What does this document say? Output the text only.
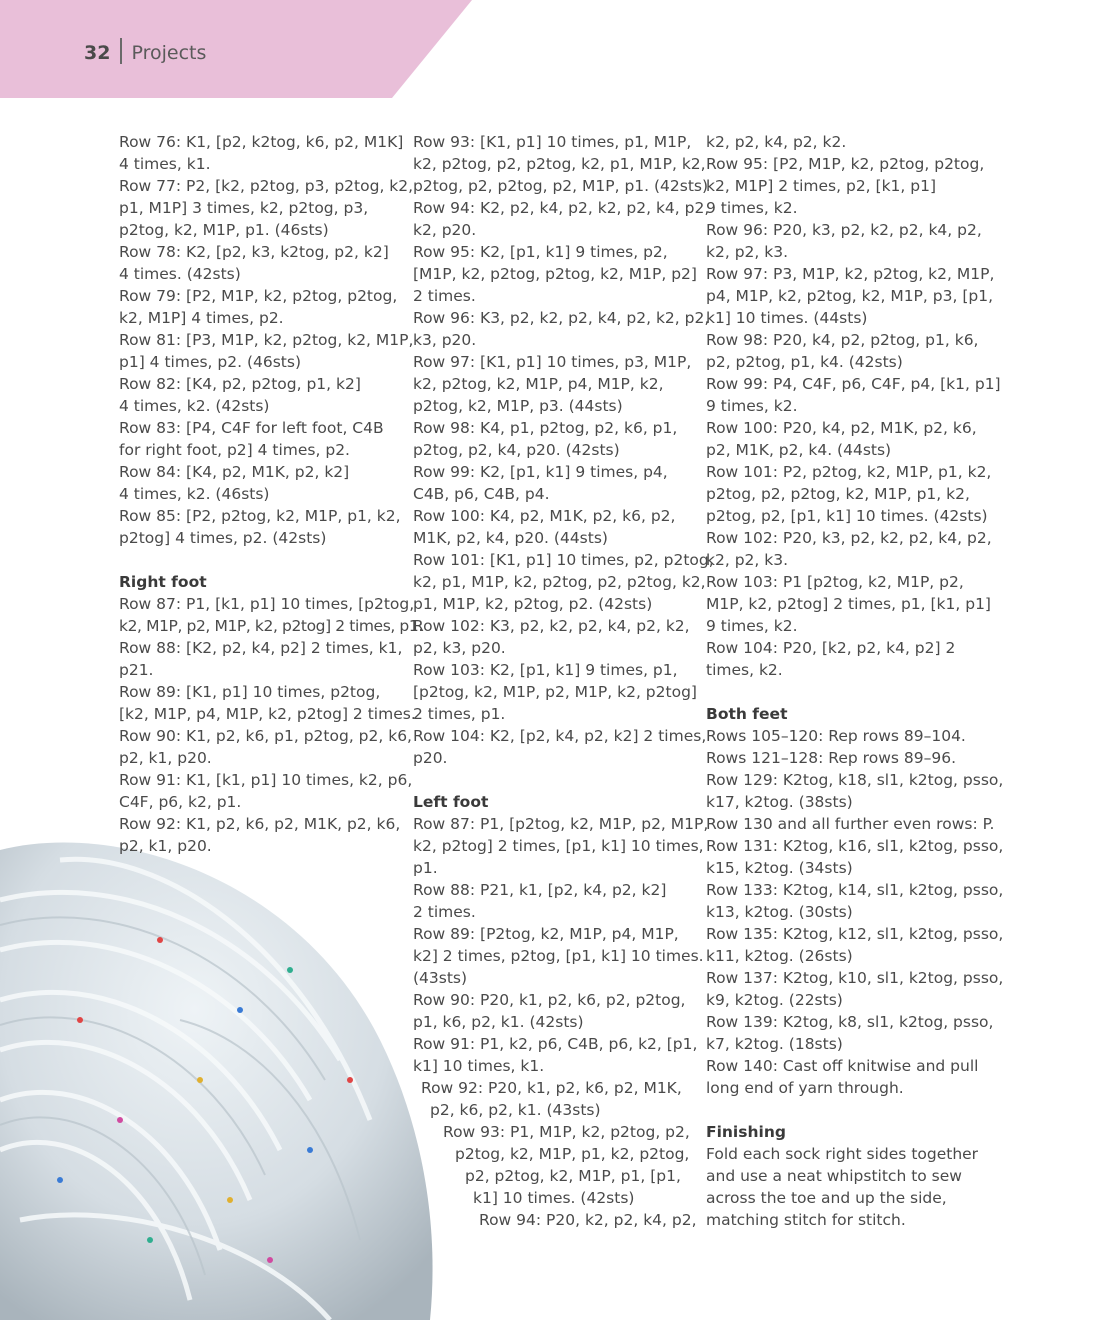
32 Projects

Row 76: K1, [p2, k2tog, k6, p2, M1K]

4 times, k1.

Row 77: P2, [k2, p2tog, p3, p2tog, k2,

p1, M1P] 3 times, k2, p2tog, p3,

p2tog, k2, M1P, p1. (46sts)

Row 78: K2, [p2, k3, k2tog, p2, k2]

4 times. (42sts)

Row 79: [P2, M1P, k2, p2tog, p2tog,

k2, M1P] 4 times, p2.

Row 81: [P3, M1P, k2, p2tog, k2, M1P,

p1] 4 times, p2. (46sts)

Row 82: [K4, p2, p2tog, p1, k2]

4 times, k2. (42sts)

Row 83: [P4, C4F for left foot, C4B

for right foot, p2] 4 times, p2.

Row 84: [K4, p2, M1K, p2, k2]

4 times, k2. (46sts)

Row 85: [P2, p2tog, k2, M1P, p1, k2,

p2tog] 4 times, p2. (42sts)

Right foot

Row 87: P1, [k1, p1] 10 times, [p2tog,

k2, M1P, p2, M1P, k2, p2tog] 2 times, p1.

Row 88: [K2, p2, k4, p2] 2 times, k1,

p21.

Row 89: [K1, p1] 10 times, p2tog,

[k2, M1P, p4, M1P, k2, p2tog] 2 times.

Row 90: K1, p2, k6, p1, p2tog, p2, k6,

p2, k1, p20.

Row 91: K1, [k1, p1] 10 times, k2, p6,

C4F, p6, k2, p1.

Row 92: K1, p2, k6, p2, M1K, p2, k6,

p2, k1, p20.

Row 93: [K1, p1] 10 times, p1, M1P,

k2, p2tog, p2, p2tog, k2, p1, M1P, k2,

p2tog, p2, p2tog, p2, M1P, p1. (42sts)

Row 94: K2, p2, k4, p2, k2, p2, k4, p2,

k2, p20.

Row 95: K2, [p1, k1] 9 times, p2,

[M1P, k2, p2tog, p2tog, k2, M1P, p2]

2 times.

Row 96: K3, p2, k2, p2, k4, p2, k2, p2,

k3, p20.

Row 97: [K1, p1] 10 times, p3, M1P,

k2, p2tog, k2, M1P, p4, M1P, k2,

p2tog, k2, M1P, p3. (44sts)

Row 98: K4, p1, p2tog, p2, k6, p1,

p2tog, p2, k4, p20. (42sts)

Row 99: K2, [p1, k1] 9 times, p4,

C4B, p6, C4B, p4.

Row 100: K4, p2, M1K, p2, k6, p2,

M1K, p2, k4, p20. (44sts)

Row 101: [K1, p1] 10 times, p2, p2tog,

k2, p1, M1P, k2, p2tog, p2, p2tog, k2,

p1, M1P, k2, p2tog, p2. (42sts)

Row 102: K3, p2, k2, p2, k4, p2, k2,

p2, k3, p20.

Row 103: K2, [p1, k1] 9 times, p1,

[p2tog, k2, M1P, p2, M1P, k2, p2tog]

2 times, p1.

Row 104: K2, [p2, k4, p2, k2] 2 times,

p20.

Left foot

Row 87: P1, [p2tog, k2, M1P, p2, M1P,

k2, p2tog] 2 times, [p1, k1] 10 times,

p1.

Row 88: P21, k1, [p2, k4, p2, k2]

2 times.

Row 89: [P2tog, k2, M1P, p4, M1P,

k2] 2 times, p2tog, [p1, k1] 10 times.

(43sts)

Row 90: P20, k1, p2, k6, p2, p2tog,

p1, k6, p2, k1. (42sts)

Row 91: P1, k2, p6, C4B, p6, k2, [p1,

k1] 10 times, k1.

Row 92: P20, k1, p2, k6, p2, M1K,

p2, k6, p2, k1. (43sts)

Row 93: P1, M1P, k2, p2tog, p2,

p2tog, k2, M1P, p1, k2, p2tog,

p2, p2tog, k2, M1P, p1, [p1,

k1] 10 times. (42sts)

Row 94: P20, k2, p2, k4, p2,

k2, p2, k4, p2, k2.

Row 95: [P2, M1P, k2, p2tog, p2tog,

k2, M1P] 2 times, p2, [k1, p1]

9 times, k2.

Row 96: P20, k3, p2, k2, p2, k4, p2,

k2, p2, k3.

Row 97: P3, M1P, k2, p2tog, k2, M1P,

p4, M1P, k2, p2tog, k2, M1P, p3, [p1,

k1] 10 times. (44sts)

Row 98: P20, k4, p2, p2tog, p1, k6,

p2, p2tog, p1, k4. (42sts)

Row 99: P4, C4F, p6, C4F, p4, [k1, p1]

9 times, k2.

Row 100: P20, k4, p2, M1K, p2, k6,

p2, M1K, p2, k4. (44sts)

Row 101: P2, p2tog, k2, M1P, p1, k2,

p2tog, p2, p2tog, k2, M1P, p1, k2,

p2tog, p2, [p1, k1] 10 times. (42sts)

Row 102: P20, k3, p2, k2, p2, k4, p2,

k2, p2, k3.

Row 103: P1 [p2tog, k2, M1P, p2,

M1P, k2, p2tog] 2 times, p1, [k1, p1]

9 times, k2.

Row 104: P20, [k2, p2, k4, p2] 2

times, k2.

Both feet

Rows 105–120: Rep rows 89–104.

Rows 121–128: Rep rows 89–96.

Row 129: K2tog, k18, sl1, k2tog, psso,

k17, k2tog. (38sts)

Row 130 and all further even rows: P.

Row 131: K2tog, k16, sl1, k2tog, psso,

k15, k2tog. (34sts)

Row 133: K2tog, k14, sl1, k2tog, psso,

k13, k2tog. (30sts)

Row 135: K2tog, k12, sl1, k2tog, psso,

k11, k2tog. (26sts)

Row 137: K2tog, k10, sl1, k2tog, psso,

k9, k2tog. (22sts)

Row 139: K2tog, k8, sl1, k2tog, psso,

k7, k2tog. (18sts)

Row 140: Cast off knitwise and pull

long end of yarn through.

Finishing

Fold each sock right sides together

and use a neat whipstitch to sew

across the toe and up the side,

matching stitch for stitch.
